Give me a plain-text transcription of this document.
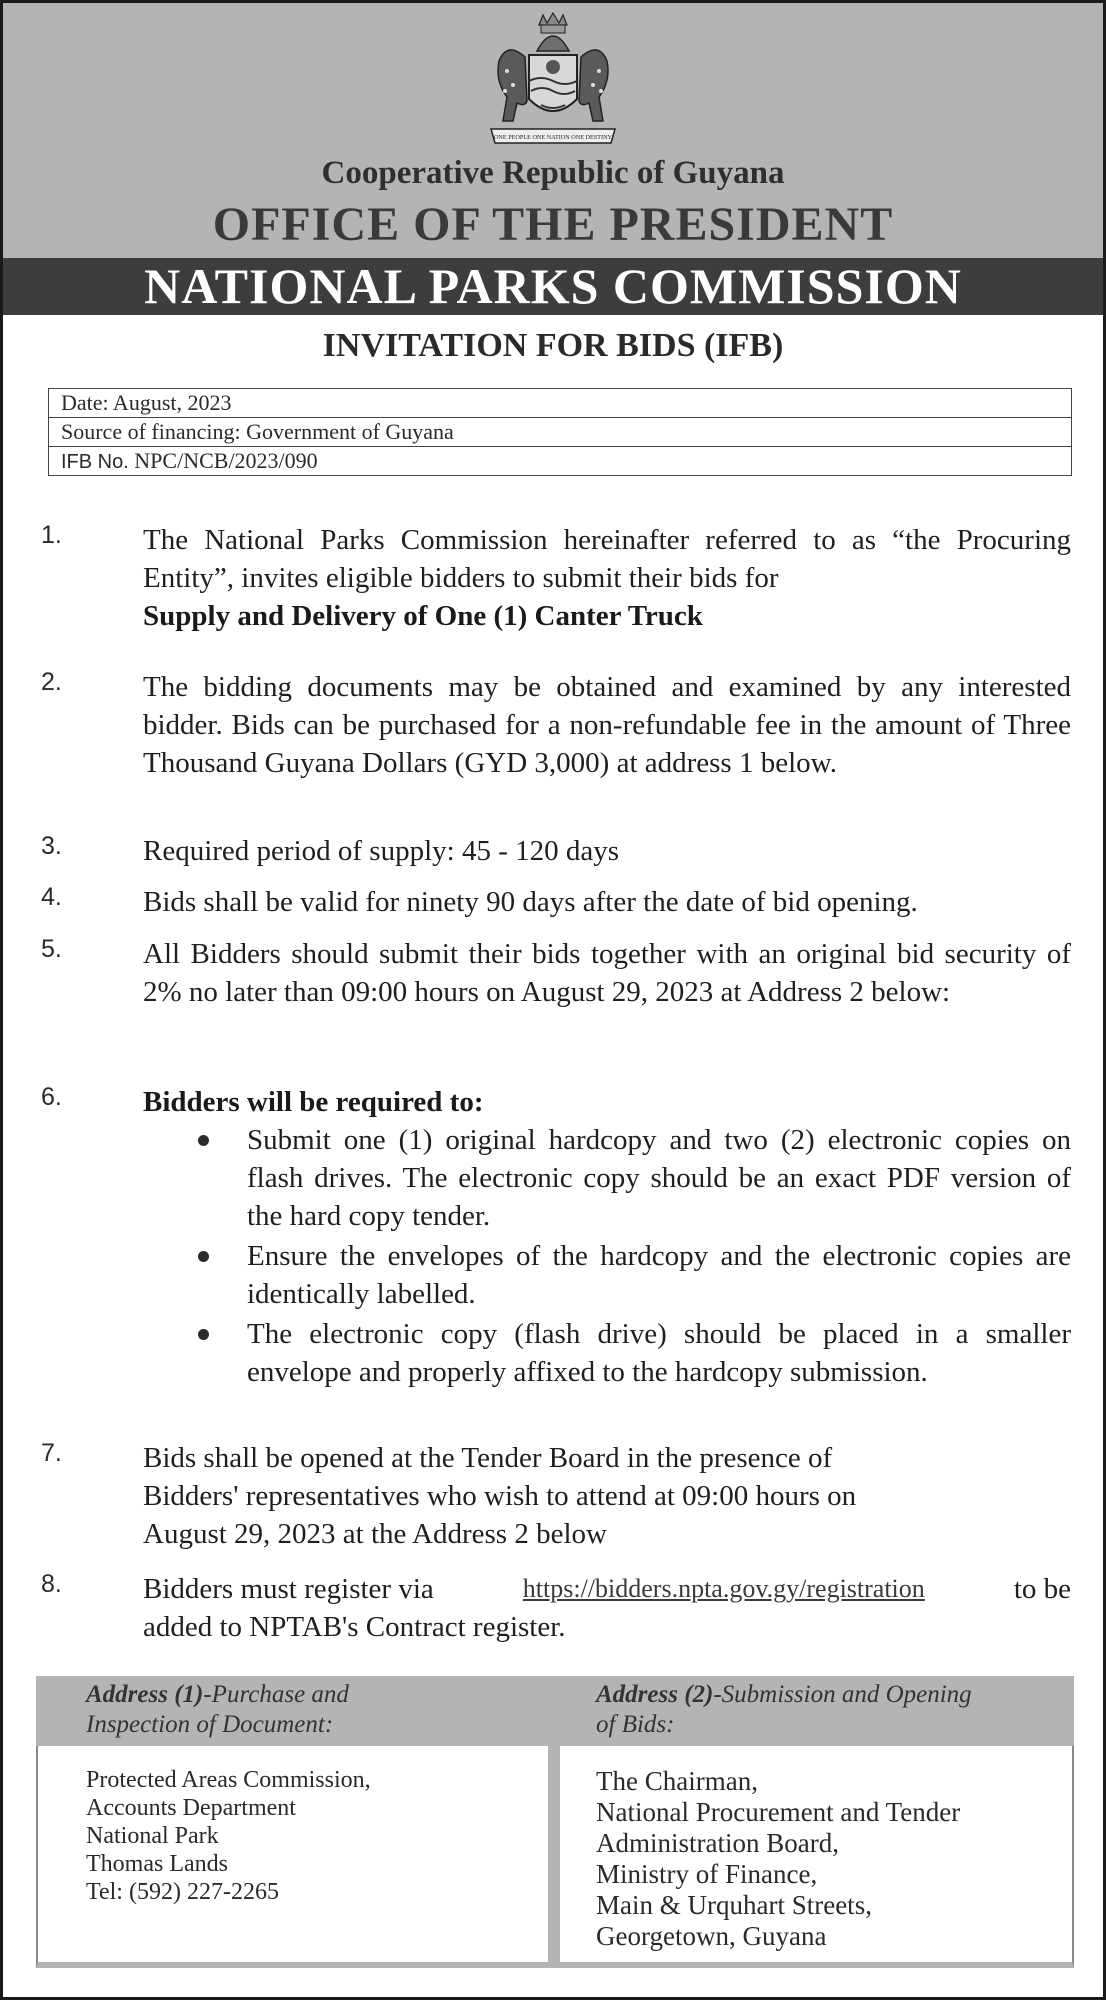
ONE PEOPLE ONE NATION ONE DESTINY
Cooperative Republic of Guyana
OFFICE OF THE PRESIDENT
NATIONAL PARKS COMMISSION
INVITATION FOR BIDS (IFB)
Date: August, 2023
Source of financing: Government of Guyana
IFB No. NPC/NCB/2023/090
1.	The National Parks Commission hereinafter referred to as “the Procuring Entity”, invites eligible bidders to submit their bids for
Supply and Delivery of One (1) Canter Truck
2.	The bidding documents may be obtained and examined by any interested bidder. Bids can be purchased for a non-refundable fee in the amount of Three Thousand Guyana Dollars (GYD 3,000) at address 1 below.
3.	Required period of supply: 45 - 120 days
4.	Bids shall be valid for ninety 90 days after the date of bid opening.
5.	All Bidders should submit their bids together with an original bid security of 2% no later than 09:00 hours on August 29, 2023 at Address 2 below:
6.	Bidders will be required to:
Submit one (1) original hardcopy and two (2) electronic copies on flash drives. The electronic copy should be an exact PDF version of the hard copy tender.
Ensure the envelopes of the hardcopy and the electronic copies are identically labelled.
The electronic copy (flash drive) should be placed in a smaller envelope and properly affixed to the hardcopy submission.
7.	Bids shall be opened at the Tender Board in the presence of
Bidders' representatives who wish to attend at 09:00 hours on
August 29, 2023 at the Address 2 below
8.	Bidders must register via	https://bidders.npta.gov.gy/registration	to be
added to NPTAB's Contract register.
Address (1)-Purchase and
Inspection of Document:
Address (2)-Submission and Opening
of Bids:
Protected Areas Commission,
Accounts Department
National Park
Thomas Lands
Tel: (592) 227-2265
The Chairman,
National Procurement and Tender
Administration Board,
Ministry of Finance,
Main & Urquhart Streets,
Georgetown, Guyana
